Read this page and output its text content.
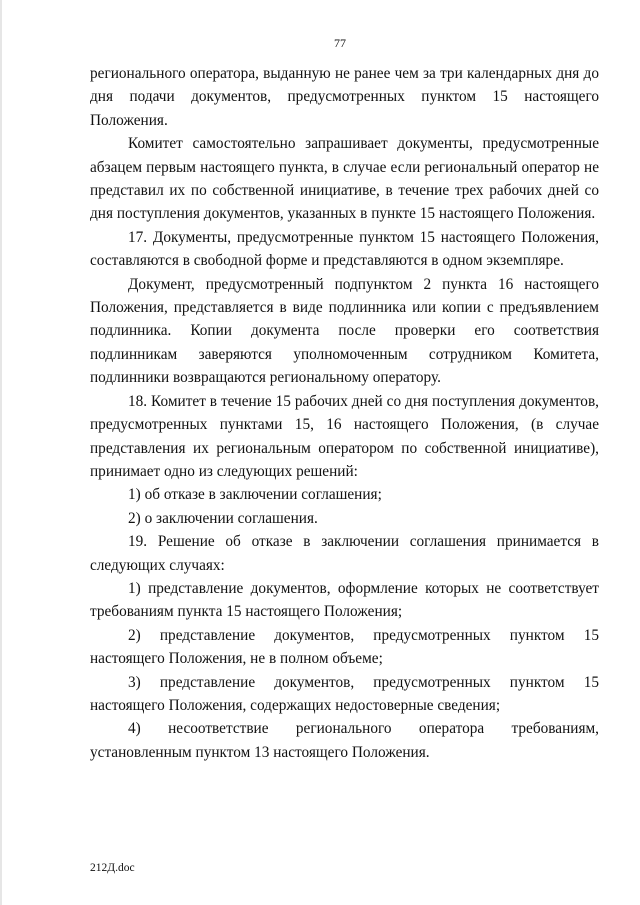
77

регионального оператора, выданную не ранее чем за три календарных дня до дня подачи документов, предусмотренных пунктом 15 настоящего Положения.

Комитет самостоятельно запрашивает документы, предусмотренные абзацем первым настоящего пункта, в случае если региональный оператор не представил их по собственной инициативе, в течение трех рабочих дней со дня поступления документов, указанных в пункте 15 настоящего Положения.

17. Документы, предусмотренные пунктом 15 настоящего Положения, составляются в свободной форме и представляются в одном экземпляре.

Документ, предусмотренный подпунктом 2 пункта 16 настоящего Положения, представляется в виде подлинника или копии с предъявлением подлинника. Копии документа после проверки его соответствия подлинникам заверяются уполномоченным сотрудником Комитета, подлинники возвращаются региональному оператору.

18. Комитет в течение 15 рабочих дней со дня поступления документов, предусмотренных пунктами 15, 16 настоящего Положения, (в случае представления их региональным оператором по собственной инициативе), принимает одно из следующих решений:

1) об отказе в заключении соглашения;

2) о заключении соглашения.

19. Решение об отказе в заключении соглашения принимается в следующих случаях:

1) представление документов, оформление которых не соответствует требованиям пункта 15 настоящего Положения;

2) представление документов, предусмотренных пунктом 15 настоящего Положения, не в полном объеме;

3) представление документов, предусмотренных пунктом 15 настоящего Положения, содержащих недостоверные сведения;

4) несоответствие регионального оператора требованиям, установленным пунктом 13 настоящего Положения.

212Д.doc
